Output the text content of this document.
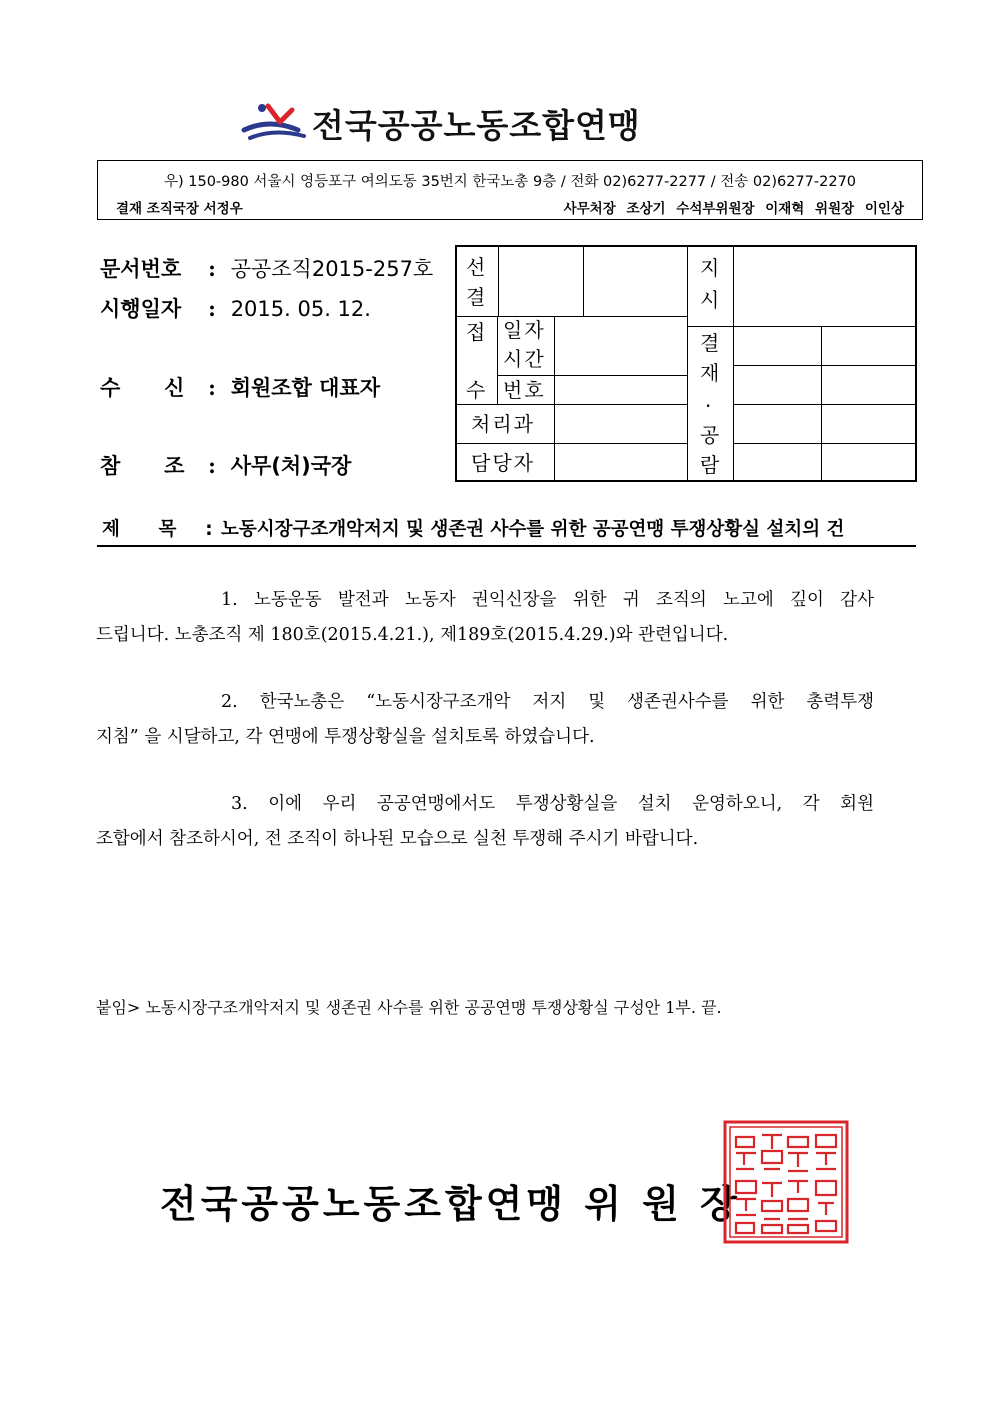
전국공공노동조합연맹
우) 150-980 서울시 영등포구 여의도동 35번지 한국노총 9층 / 전화 02)6277-2277 / 전송 02)6277-2270
결재 조직국장 서정우	사무처장 조상기 수석부위원장 이재혁 위원장 이인상
문서번호 : 공공조직2015-257호
시행일자 : 2015. 05. 12.
수      신 : 회원조합 대표자
참      조 : 사무(처)국장
선
결
접
수
일자
시간
번호
처리과
담당자
지
시
결
재
·
공
람
제      목 : 노동시장구조개악저지 및 생존권 사수를 위한 공공연맹 투쟁상황실 설치의 건
1. 노동운동 발전과 노동자 권익신장을 위한 귀 조직의 노고에 깊이 감사
드립니다. 노총조직 제 180호(2015.4.21.), 제189호(2015.4.29.)와 관련입니다.
2. 한국노총은 “노동시장구조개악 저지 및 생존권사수를 위한 총력투쟁
지침” 을 시달하고, 각 연맹에 투쟁상황실을 설치토록 하였습니다.
3. 이에 우리 공공연맹에서도 투쟁상황실을 설치 운영하오니, 각 회원
조합에서 참조하시어, 전 조직이 하나된 모습으로 실천 투쟁해 주시기 바랍니다.
붙임> 노동시장구조개악저지 및 생존권 사수를 위한 공공연맹 투쟁상황실 구성안 1부. 끝.
전국공공노동조합연맹 위 원 장
